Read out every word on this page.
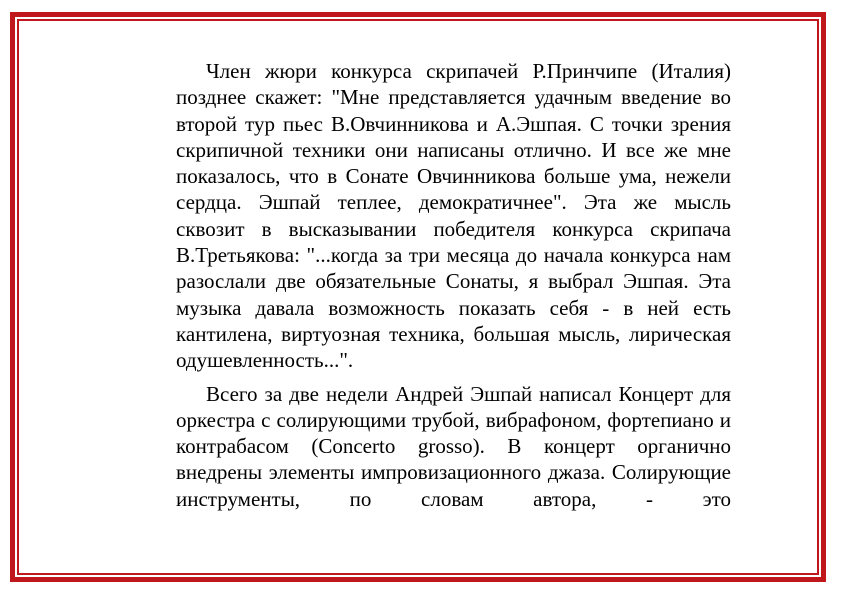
Член жюри конкурса скрипачей Р.Принчипе (Италия) позднее скажет: "Мне представляется удачным введение во второй тур пьес В.Овчинникова и А.Эшпая. С точки зрения скрипичной техники они написаны отлично. И все же мне показалось, что в Сонате Овчинникова больше ума, нежели сердца. Эшпай теплее, демократичнее". Эта же мысль сквозит в высказывании победителя конкурса скрипача В.Третьякова: "...когда за три месяца до начала конкурса нам разослали две обязательные Сонаты, я выбрал Эшпая. Эта музыка давала возможность показать себя - в ней есть кантилена, виртуозная техника, большая мысль, лирическая одушевленность...".

Всего за две недели Андрей Эшпай написал Концерт для оркестра с солирующими трубой, вибрафоном, фортепиано и контрабасом (Concerto grosso). В концерт органично внедрены элементы импровизационного джаза. Солирующие инструменты, по словам автора, - это
